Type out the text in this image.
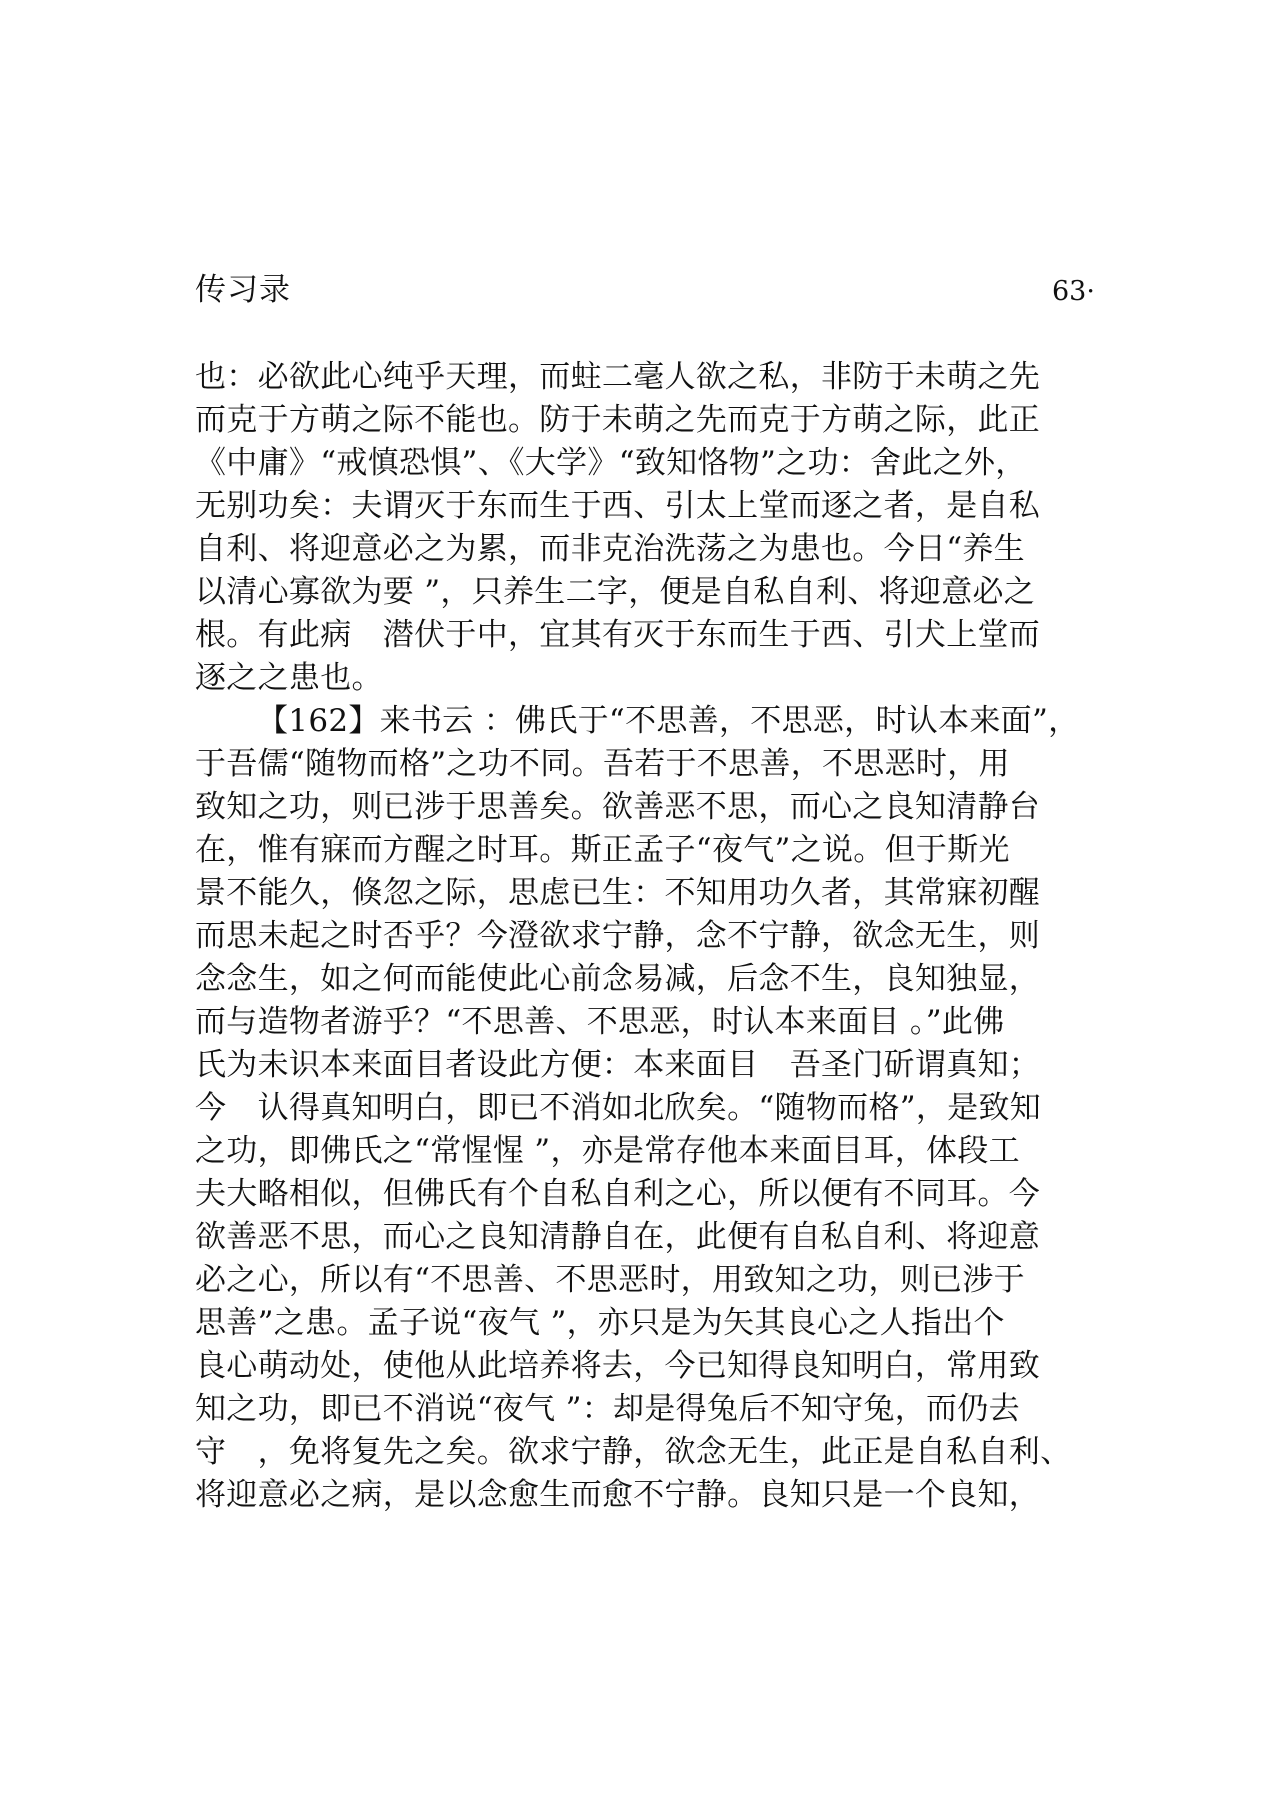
传习录	63·
也：必欲此心纯乎天理，而蛀二毫人欲之私，非防于未萌之先
而克于方萌之际不能也。防于未萌之先而克于方萌之际，此正
《中庸》“戒慎恐惧”、《大学》“致知恪物”之功：舍此之外，
无别功矣：夫谓灭于东而生于西、引太上堂而逐之者，是自私
自利、将迎意必之为累，而非克治洗荡之为患也。今日“养生
以清心寡欲为要 ”，只养生二字，便是自私自利、将迎意必之
根。有此病　潜伏于中，宜其有灭于东而生于西、引犬上堂而
逐之之患也。
【162】来书云 ：佛氏于“不思善，不思恶，时认本来面”，
于吾儒“随物而格”之功不同。吾若于不思善，不思恶时，用
致知之功，则已涉于思善矣。欲善恶不思，而心之良知清静台
在，惟有寐而方醒之时耳。斯正孟子“夜气”之说。但于斯光
景不能久，倏忽之际，思虑已生：不知用功久者，其常寐初醒
而思未起之时否乎？今澄欲求宁静，念不宁静，欲念无生，则
念念生，如之何而能使此心前念易减，后念不生，良知独显，
而与造物者游乎？“不思善、不思恶，时认本来面目 。”此佛
氏为未识本来面目者设此方便：本来面目　吾圣门斫谓真知；
今　认得真知明白，即已不消如北欣矣。“随物而格”，是致知
之功，即佛氏之“常惺惺 ”，亦是常存他本来面目耳，体段工
夫大略相似，但佛氏有个自私自利之心，所以便有不同耳。今
欲善恶不思，而心之良知清静自在，此便有自私自利、将迎意
必之心，所以有“不思善、不思恶时，用致知之功，则已涉于
思善”之患。孟子说“夜气 ”，亦只是为矢其良心之人指出个
良心萌动处，使他从此培养将去，今已知得良知明白，常用致
知之功，即已不消说“夜气 ”：却是得兔后不知守兔，而仍去
守　，免将复先之矣。欲求宁静，欲念无生，此正是自私自利、
将迎意必之病，是以念愈生而愈不宁静。良知只是一个良知，
